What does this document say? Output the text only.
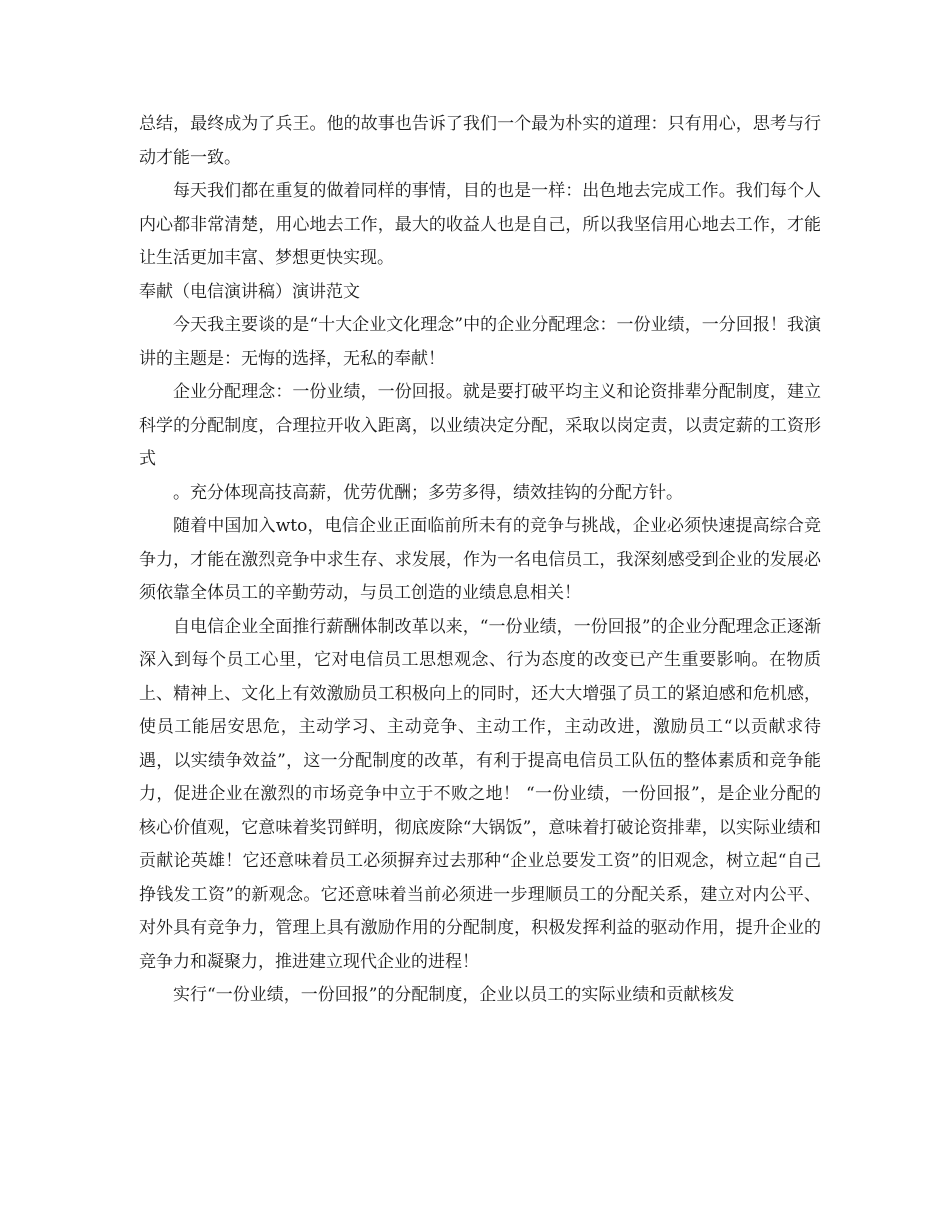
总结，最终成为了兵王。他的故事也告诉了我们一个最为朴实的道理：只有用心，思考与行动才能一致。

每天我们都在重复的做着同样的事情，目的也是一样：出色地去完成工作。我们每个人内心都非常清楚，用心地去工作，最大的收益人也是自己，所以我坚信用心地去工作，才能让生活更加丰富、梦想更快实现。

奉献（电信演讲稿）演讲范文

今天我主要谈的是“十大企业文化理念”中的企业分配理念：一份业绩，一分回报！我演讲的主题是：无悔的选择，无私的奉献！

企业分配理念：一份业绩，一份回报。就是要打破平均主义和论资排辈分配制度，建立科学的分配制度，合理拉开收入距离，以业绩决定分配，采取以岗定责，以责定薪的工资形式

。充分体现高技高薪，优劳优酬；多劳多得，绩效挂钩的分配方针。

随着中国加入wto，电信企业正面临前所未有的竞争与挑战，企业必须快速提高综合竞争力，才能在激烈竞争中求生存、求发展，作为一名电信员工，我深刻感受到企业的发展必须依靠全体员工的辛勤劳动，与员工创造的业绩息息相关！

自电信企业全面推行薪酬体制改革以来，“一份业绩，一份回报”的企业分配理念正逐渐深入到每个员工心里，它对电信员工思想观念、行为态度的改变已产生重要影响。在物质上、精神上、文化上有效激励员工积极向上的同时，还大大增强了员工的紧迫感和危机感，使员工能居安思危，主动学习、主动竞争、主动工作，主动改进，激励员工“以贡献求待遇，以实绩争效益”，这一分配制度的改革，有利于提高电信员工队伍的整体素质和竞争能力，促进企业在激烈的市场竞争中立于不败之地！ “一份业绩，一份回报”，是企业分配的核心价值观，它意味着奖罚鲜明，彻底废除“大锅饭”，意味着打破论资排辈，以实际业绩和贡献论英雄！它还意味着员工必须摒弃过去那种“企业总要发工资”的旧观念，树立起“自己挣钱发工资”的新观念。它还意味着当前必须进一步理顺员工的分配关系，建立对内公平、对外具有竞争力，管理上具有激励作用的分配制度，积极发挥利益的驱动作用，提升企业的竞争力和凝聚力，推进建立现代企业的进程！

实行“一份业绩，一份回报”的分配制度，企业以员工的实际业绩和贡献核发
